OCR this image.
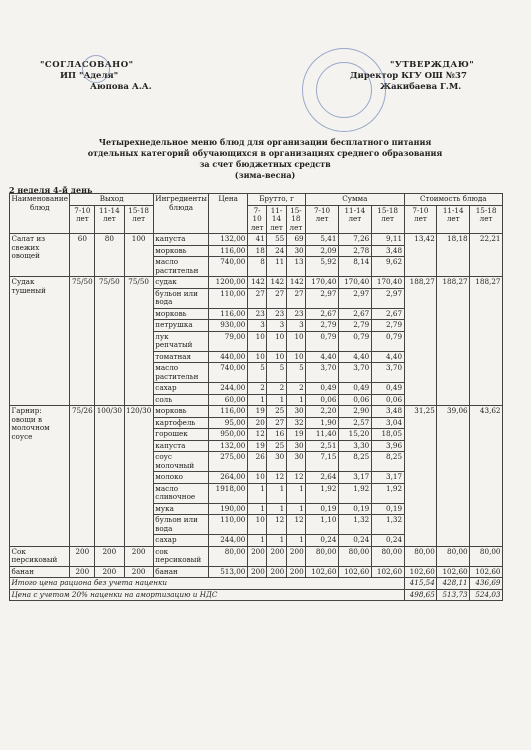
"СОГЛАСОВАНО"
ИП "Аделя"
Аюпова А.А.
"УТВЕРЖДАЮ"
Директор КГУ ОШ №37
Жакибаева Г.М.
Четырехнедельное меню блюд для организации бесплатного питания
отдельных категорий обучающихся в организациях среднего образования
за счет бюджетных средств
(зима-весна)
2 неделя 4-й день
Наименование блюд	Выход			Ингредиенты блюда	Цена	Брутто, г			Сумма			Стоимость блюда		
	7-10 лет	11-14 лет	15-18 лет			7-10 лет	11-14 лет	15-18 лет	7-10 лет	11-14 лет	15-18 лет	7-10 лет	11-14 лет	15-18 лет
Салат из свежих овощей	60	80	100	капуста	132,00	41	55	69	5,41	7,26	9,11	13,42	18,18	22,21
				морковь	116,00	18	24	30	2,09	2,78	3,48			
				масло растительн	740,00	8	11	13	5,92	8,14	9,62			
Судак тушеный	75/50	75/50	75/50	судак	1200,00	142	142	142	170,40	170,40	170,40	188,27	188,27	188,27
				бульон или вода	110,00	27	27	27	2,97	2,97	2,97			
				морковь	116,00	23	23	23	2,67	2,67	2,67			
				петрушка	930,00	3	3	3	2,79	2,79	2,79			
				лук репчатый	79,00	10	10	10	0,79	0,79	0,79			
				томатная	440,00	10	10	10	4,40	4,40	4,40			
				масло растительн	740,00	5	5	5	3,70	3,70	3,70			
				сахар	244,00	2	2	2	0,49	0,49	0,49			
				соль	60,00	1	1	1	0,06	0,06	0,06			
Гарнир: овощи в молочном соусе	75/26	100/30	120/30	морковь	116,00	19	25	30	2,20	2,90	3,48	31,25	39,06	43,62
				картофель	95,00	20	27	32	1,90	2,57	3,04			
				горошек	950,00	12	16	19	11,40	15,20	18,05			
				капуста	132,00	19	25	30	2,51	3,30	3,96			
				соус молочный	275,00	26	30	30	7,15	8,25	8,25			
				молоко	264,00	10	12	12	2,64	3,17	3,17			
				масло сливочное	1918,00	1	1	1	1,92	1,92	1,92			
				мука	190,00	1	1	1	0,19	0,19	0,19			
				бульон или вода	110,00	10	12	12	1,10	1,32	1,32			
				сахар	244,00	1	1	1	0,24	0,24	0,24			
Сок персиковый	200	200	200	сок персиковый	80,00	200	200	200	80,00	80,00	80,00	80,00	80,00	80,00
банан	200	200	200	банан	513,00	200	200	200	102,60	102,60	102,60	102,60	102,60	102,60
Итого цена рациона без учета наценки												415,54	428,11	436,69
Цена с учетом 20% наценки на амортизацию и НДС												498,65	513,73	524,03
